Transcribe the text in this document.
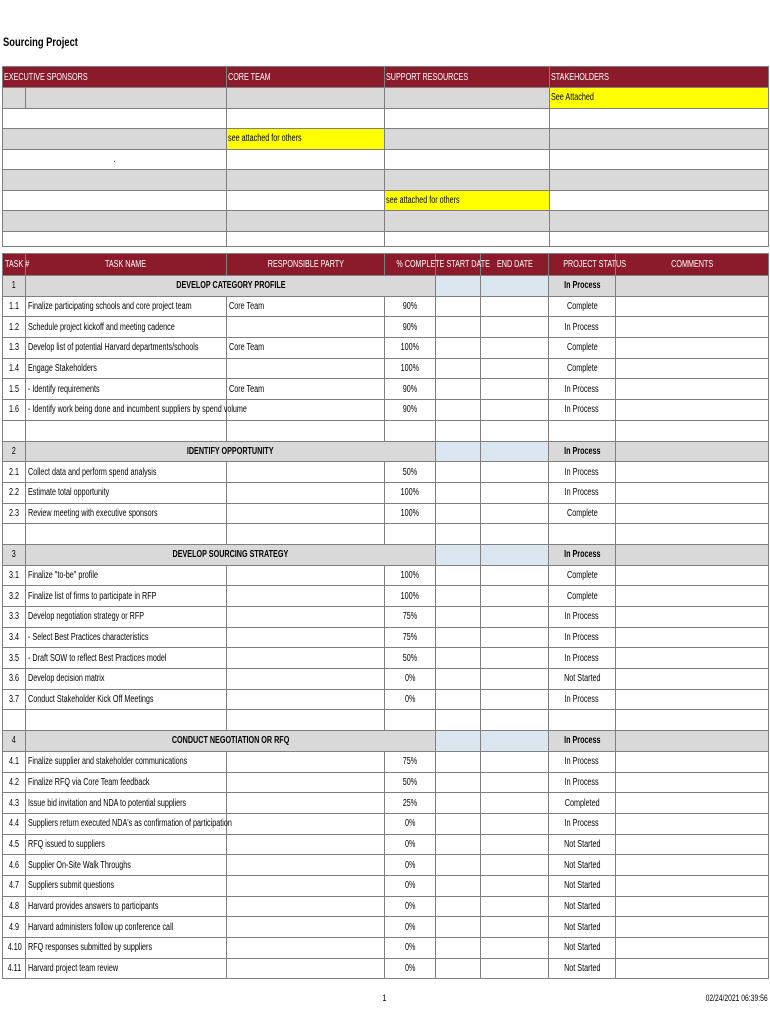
Sourcing Project
EXECUTIVE SPONSORS		CORE TEAM	SUPPORT RESOURCES	STAKEHOLDERS
				See Attached

		see attached for others		
.				

			see attached for others	

TASK #	TASK NAME	RESPONSIBLE PARTY	% COMPLETE	START DATE	END DATE	PROJECT STATUS	COMMENTS
1	DEVELOP CATEGORY PROFILE					In Process	
1.1	Finalize participating schools and core project team	Core Team	90%			Complete	
1.2	Schedule project kickoff and meeting cadence		90%			In Process	
1.3	Develop list of potential Harvard departments/schools	Core Team	100%			Complete	
1.4	Engage Stakeholders		100%			Complete	
1.5	- Identify requirements	Core Team	90%			In Process	
1.6	- Identify work being done and incumbent suppliers by spend volume		90%			In Process	

2	IDENTIFY OPPORTUNITY					In Process	
2.1	Collect data and perform spend analysis		50%			In Process	
2.2	Estimate total opportunity		100%			In Process	
2.3	Review meeting with executive sponsors		100%			Complete	

3	DEVELOP SOURCING STRATEGY					In Process	
3.1	Finalize "to-be" profile		100%			Complete	
3.2	Finalize list of firms to participate in RFP		100%			Complete	
3.3	Develop negotiation strategy or RFP		75%			In Process	
3.4	- Select Best Practices characteristics		75%			In Process	
3.5	- Draft SOW to reflect Best Practices model		50%			In Process	
3.6	Develop decision matrix		0%			Not Started	
3.7	Conduct Stakeholder Kick Off Meetings		0%			In Process	

4	CONDUCT NEGOTIATION OR RFQ					In Process	
4.1	Finalize supplier and stakeholder communications		75%			In Process	
4.2	Finalize RFQ via Core Team feedback		50%			In Process	
4.3	Issue bid invitation and NDA to potential suppliers		25%			Completed	
4.4	Suppliers return executed NDA's as confirmation of participation		0%			In Process	
4.5	RFQ issued to suppliers		0%			Not Started	
4.6	Supplier On-Site Walk Throughs		0%			Not Started	
4.7	Suppliers submit questions		0%			Not Started	
4.8	Harvard provides answers to participants		0%			Not Started	
4.9	Harvard administers follow up conference call		0%			Not Started	
4.10	RFQ responses submitted by suppliers		0%			Not Started	
4.11	Harvard project team review		0%			Not Started	
1	02/24/2021 06:39:56
